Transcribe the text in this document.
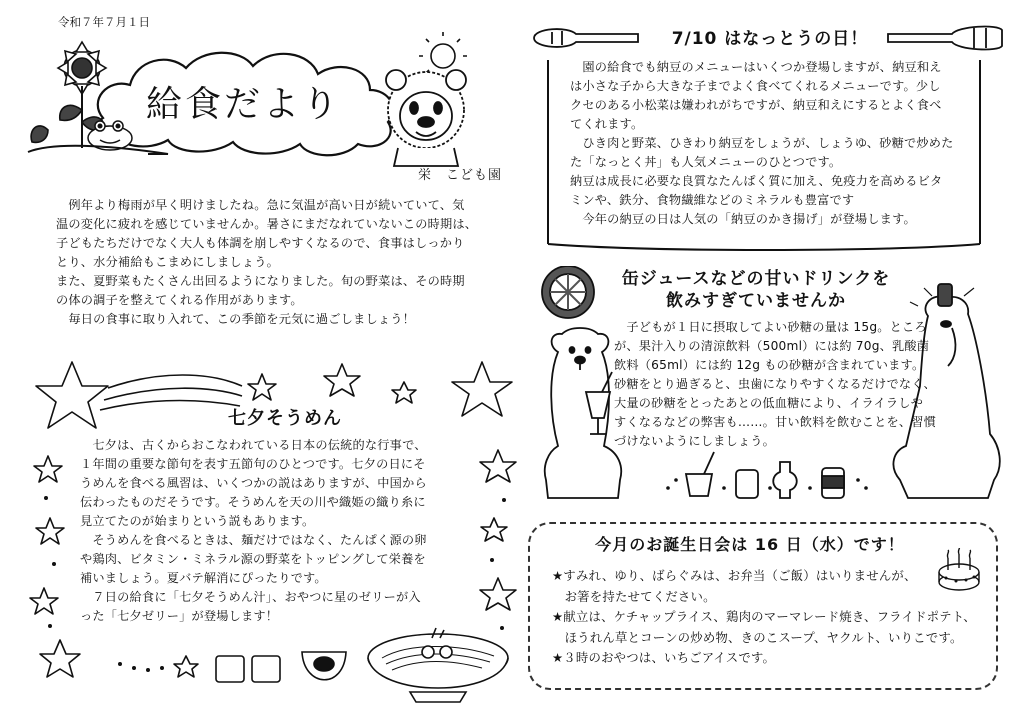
令和７年７月１日
給食だより
栄　こども園

　例年より梅雨が早く明けましたね。急に気温が高い日が続いていて、気

温の変化に疲れを感じていませんか。暑さにまだなれていないこの時期は、

子どもたちだけでなく大人も体調を崩しやすくなるので、食事はしっかり

とり、水分補給もこまめにしましょう。

また、夏野菜もたくさん出回るようになりました。旬の野菜は、その時期

の体の調子を整えてくれる作用があります。

　毎日の食事に取り入れて、この季節を元気に過ごしましょう！

七夕そうめん

　七夕は、古くからおこなわれている日本の伝統的な行事で、

１年間の重要な節句を表す五節句のひとつです。七夕の日にそ

うめんを食べる風習は、いくつかの説はありますが、中国から

伝わったものだそうです。そうめんを天の川や織姫の織り糸に

見立てたのが始まりという説もあります。

　そうめんを食べるときは、麺だけではなく、たんぱく源の卵

や鶏肉、ビタミン・ミネラル源の野菜をトッピングして栄養を

補いましょう。夏バテ解消にぴったりです。

　７日の給食に「七夕そうめん汁」、おやつに星のゼリーが入

った「七夕ゼリー」が登場します！

7/10 はなっとうの日！

　園の給食でも納豆のメニューはいくつか登場しますが、納豆和え

は小さな子から大きな子までよく食べてくれるメニューです。少し

クセのある小松菜は嫌われがちですが、納豆和えにするとよく食べ

てくれます。

　ひき肉と野菜、ひきわり納豆をしょうが、しょうゆ、砂糖で炒めた

た「なっとく丼」も人気メニューのひとつです。

納豆は成長に必要な良質なたんぱく質に加え、免疫力を高めるビタ

ミンや、鉄分、食物繊維などのミネラルも豊富です

　今年の納豆の日は人気の「納豆のかき揚げ」が登場します。

缶ジュースなどの甘いドリンクを
飲みすぎていませんか

　子どもが１日に摂取してよい砂糖の量は 15g。ところ

が、果汁入りの清涼飲料（500ml）には約 70g、乳酸菌

飲料（65ml）には約 12g もの砂糖が含まれています。

砂糖をとり過ぎると、虫歯になりやすくなるだけでなく、

大量の砂糖をとったあとの低血糖により、イライラしや

すくなるなどの弊害も……。甘い飲料を飲むことを、習慣

づけないようにしましょう。

今月のお誕生日会は 16 日（水）です！

★すみれ、ゆり、ばらぐみは、お弁当（ご飯）はいりませんが、

　お箸を持たせてください。

★献立は、ケチャップライス、鶏肉のマーマレード焼き、フライドポテト、

　ほうれん草とコーンの炒め物、きのこスープ、ヤクルト、いりこです。

★３時のおやつは、いちごアイスです。
